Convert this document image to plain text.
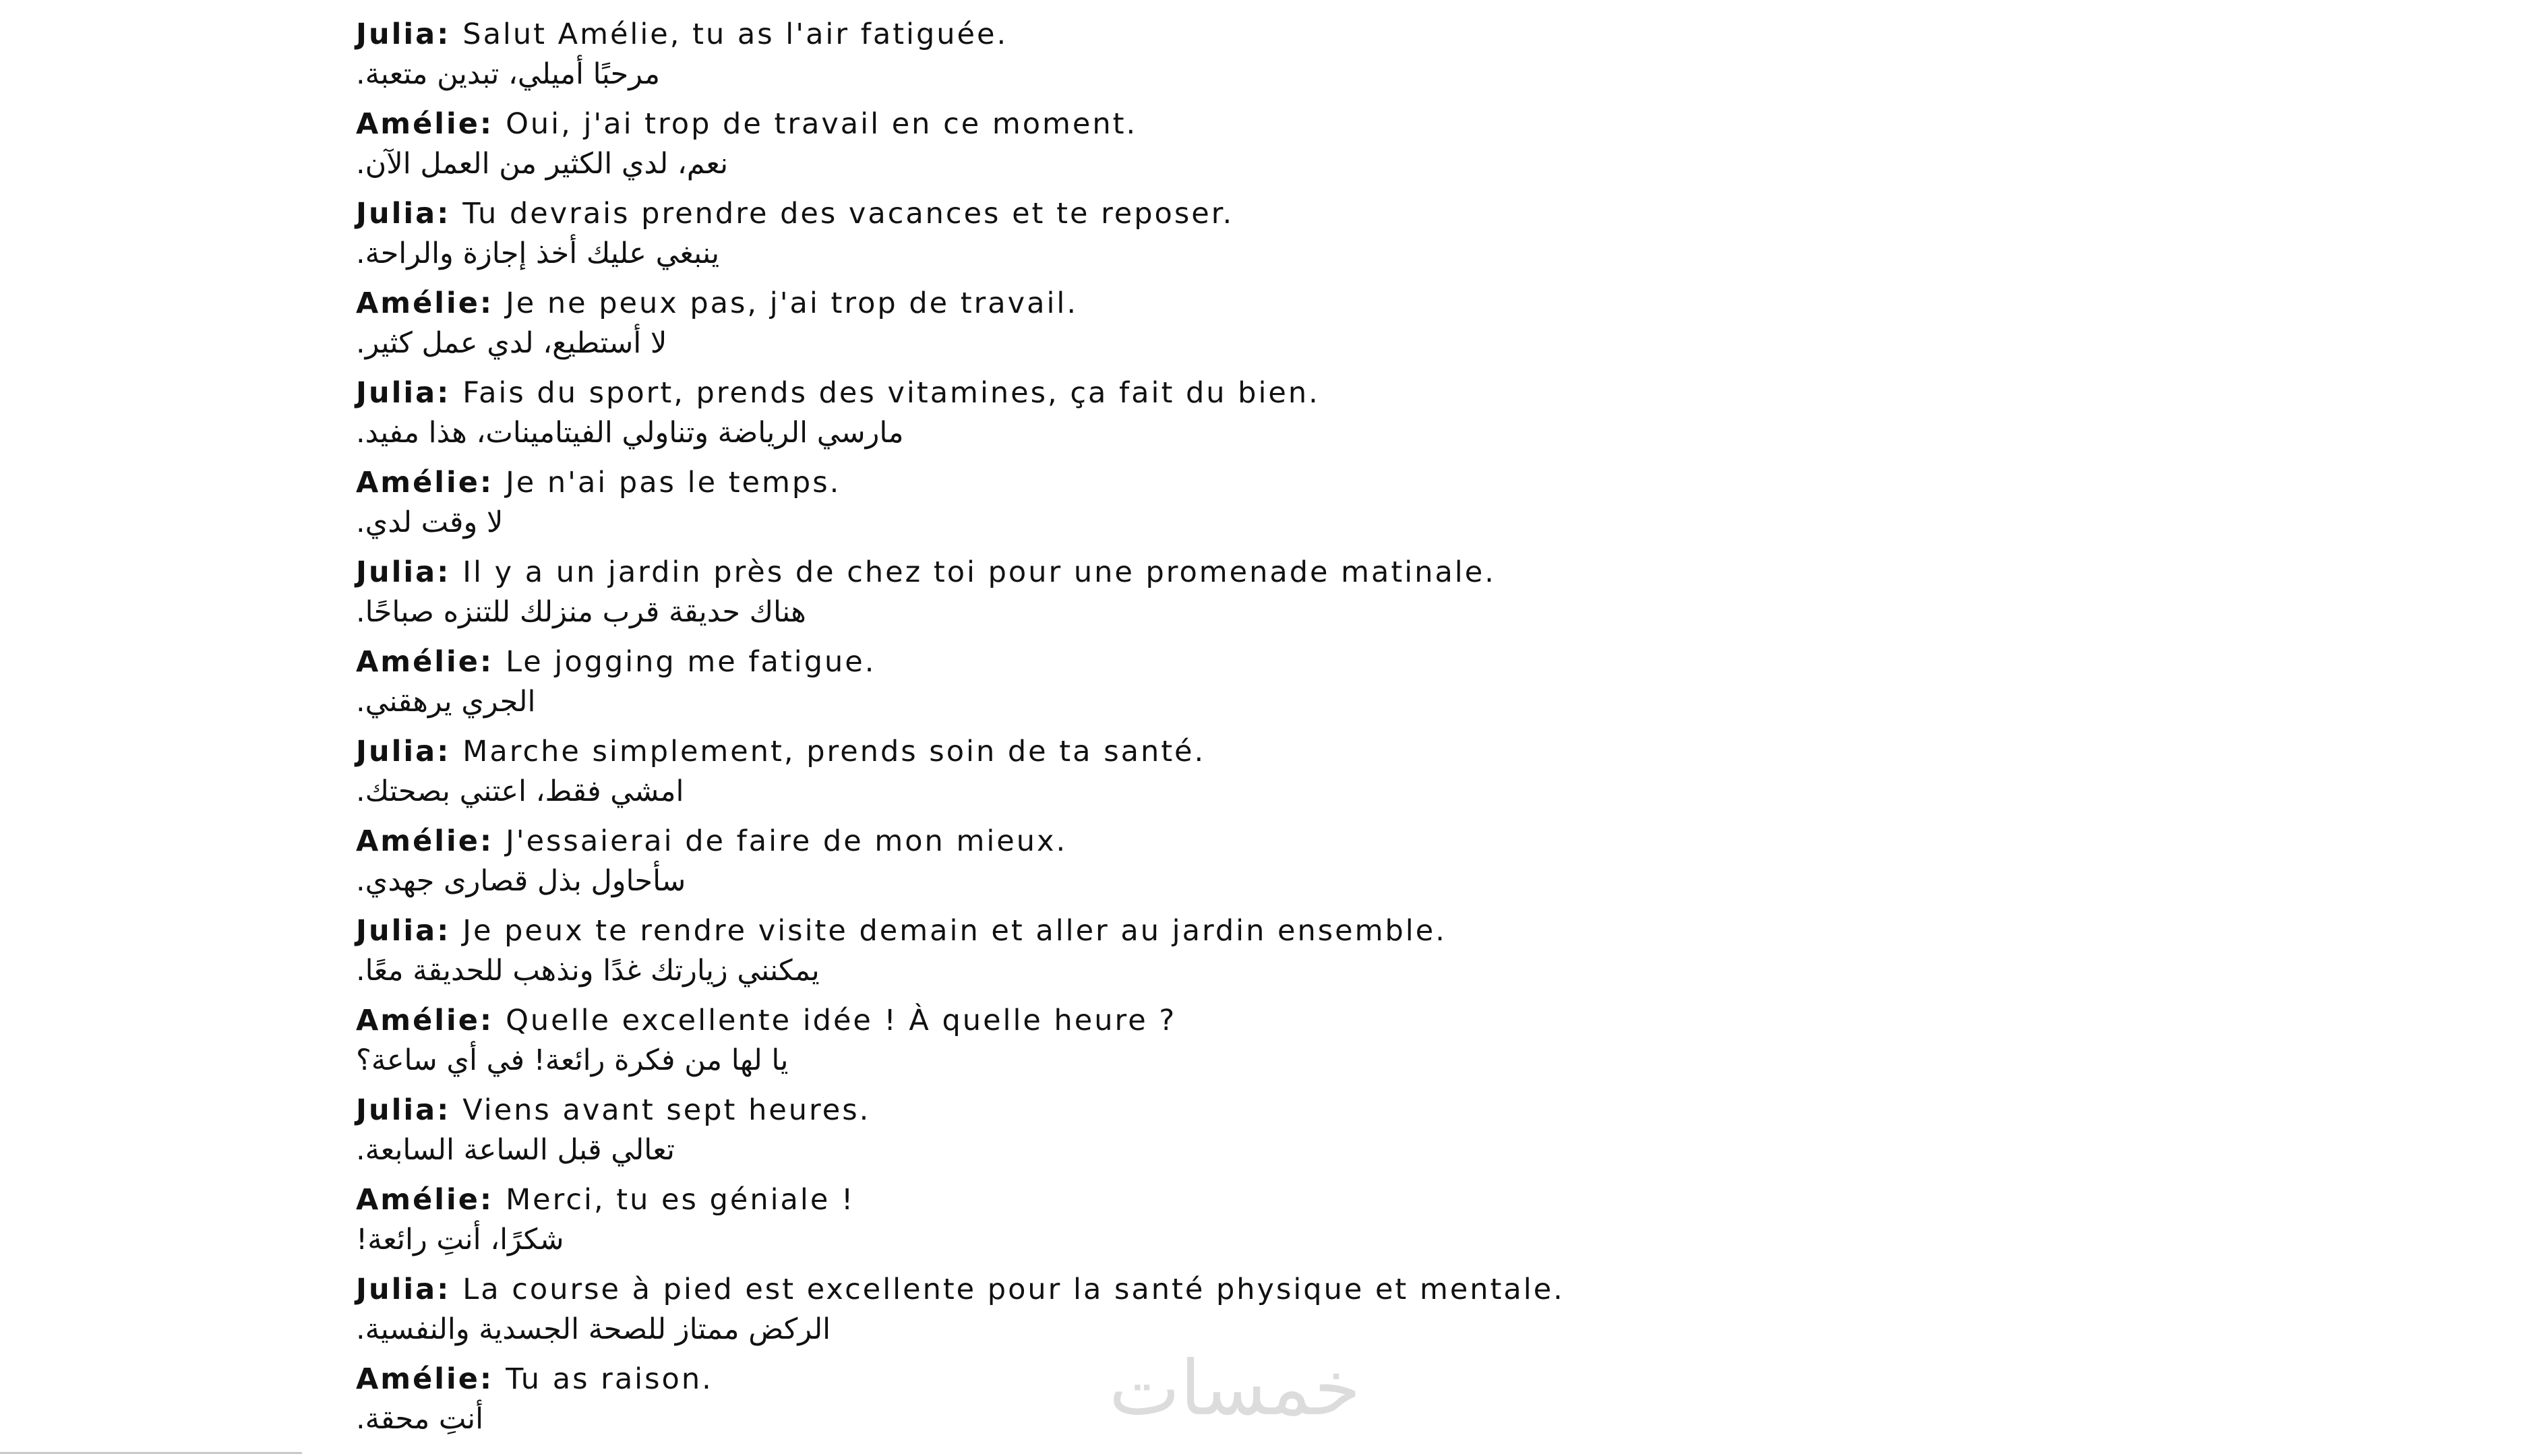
Julia: Salut Amélie, tu as l'air fatiguée.
مرحبًا أميلي، تبدين متعبة.
Amélie: Oui, j'ai trop de travail en ce moment.
نعم، لدي الكثير من العمل الآن.
Julia: Tu devrais prendre des vacances et te reposer.
ينبغي عليك أخذ إجازة والراحة.
Amélie: Je ne peux pas, j'ai trop de travail.
لا أستطيع، لدي عمل كثير.
Julia: Fais du sport, prends des vitamines, ça fait du bien.
مارسي الرياضة وتناولي الفيتامينات، هذا مفيد.
Amélie: Je n'ai pas le temps.
لا وقت لدي.
Julia: Il y a un jardin près de chez toi pour une promenade matinale.
هناك حديقة قرب منزلك للتنزه صباحًا.
Amélie: Le jogging me fatigue.
الجري يرهقني.
Julia: Marche simplement, prends soin de ta santé.
امشي فقط، اعتني بصحتك.
Amélie: J'essaierai de faire de mon mieux.
سأحاول بذل قصارى جهدي.
Julia: Je peux te rendre visite demain et aller au jardin ensemble.
يمكنني زيارتك غدًا ونذهب للحديقة معًا.
Amélie: Quelle excellente idée ! À quelle heure ?
يا لها من فكرة رائعة! في أي ساعة؟
Julia: Viens avant sept heures.
تعالي قبل الساعة السابعة.
Amélie: Merci, tu es géniale !
شكرًا، أنتِ رائعة!
Julia: La course à pied est excellente pour la santé physique et mentale.
الركض ممتاز للصحة الجسدية والنفسية.
Amélie: Tu as raison.
أنتِ محقة.	خمسات
